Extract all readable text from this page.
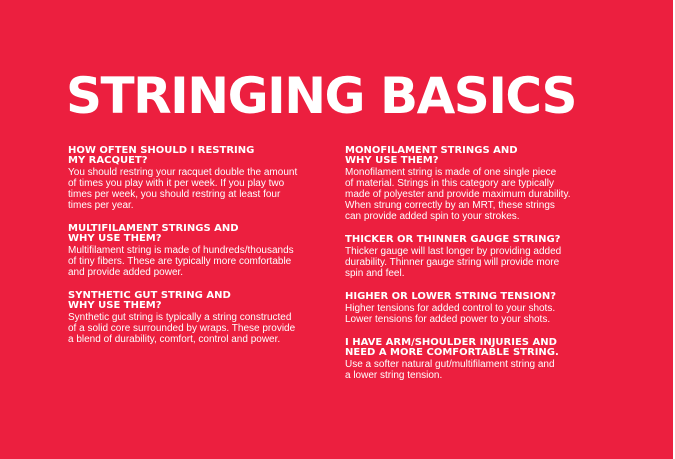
STRINGING BASICS

HOW OFTEN SHOULD I RESTRING
MY RACQUET?

You should restring your racquet double the amount
of times you play with it per week. If you play two
times per week, you should restring at least four
times per year.

MULTIFILAMENT STRINGS AND
WHY USE THEM?

Multifilament string is made of hundreds/thousands
of tiny fibers. These are typically more comfortable
and provide added power.

SYNTHETIC GUT STRING AND
WHY USE THEM?

Synthetic gut string is typically a string constructed
of a solid core surrounded by wraps. These provide
a blend of durability, comfort, control and power.

MONOFILAMENT STRINGS AND
WHY USE THEM?

Monofilament string is made of one single piece
of material. Strings in this category are typically
made of polyester and provide maximum durability.
When strung correctly by an MRT, these strings
can provide added spin to your strokes.

THICKER OR THINNER GAUGE STRING?

Thicker gauge will last longer by providing added
durability. Thinner gauge string will provide more
spin and feel.

HIGHER OR LOWER STRING TENSION?

Higher tensions for added control to your shots.
Lower tensions for added power to your shots.

I HAVE ARM/SHOULDER INJURIES AND
NEED A MORE COMFORTABLE STRING.

Use a softer natural gut/multifilament string and
a lower string tension.
